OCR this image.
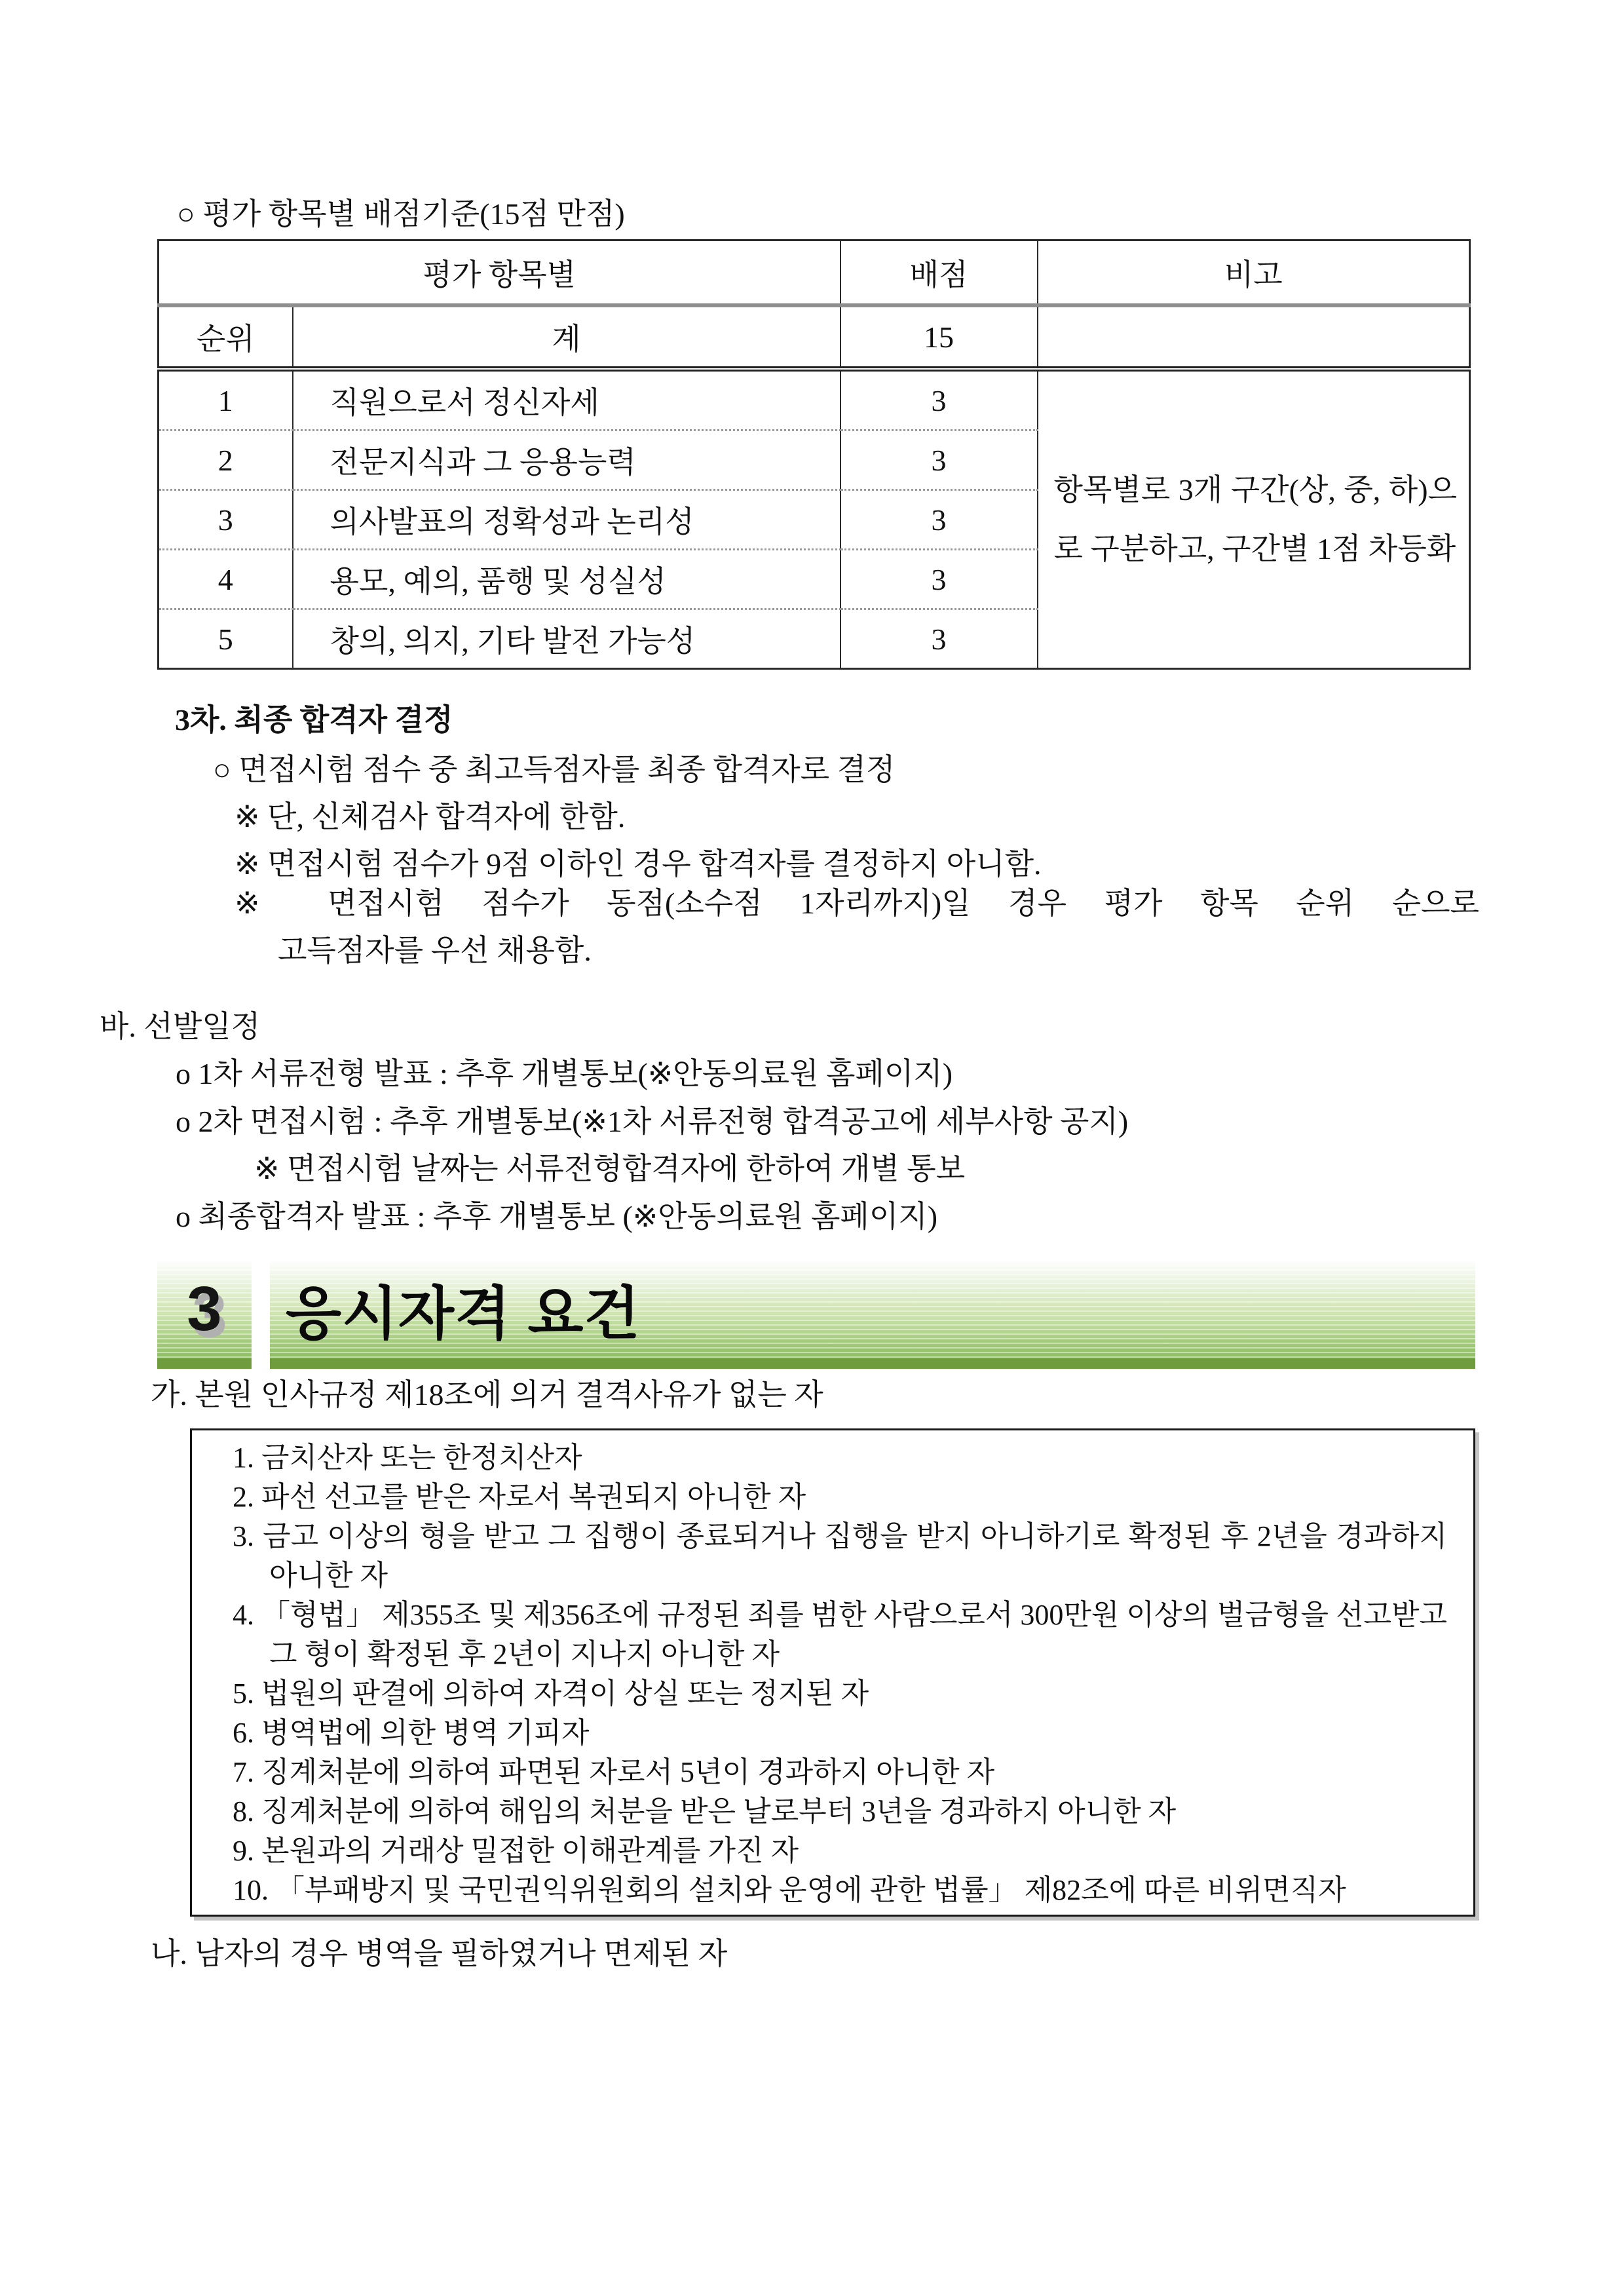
○ 평가 항목별 배점기준(15점 만점)
평가 항목별		배점	비고
순위	계	15	
1	직원으로서 정신자세	3	항목별로 3개 구간(상, 중, 하)으로 구분하고, 구간별 1점 차등화
2	전문지식과 그 응용능력	3	
3	의사발표의 정확성과 논리성	3	
4	용모, 예의, 품행 및 성실성	3	
5	창의, 의지, 기타 발전 가능성	3	
3차. 최종 합격자 결정
○ 면접시험 점수 중 최고득점자를 최종 합격자로 결정
※ 단, 신체검사 합격자에 한함.
※ 면접시험 점수가 9점 이하인 경우 합격자를 결정하지 아니함.
※ 면접시험 점수가 동점(소수점 1자리까지)일 경우 평가 항목 순위 순으로
고득점자를 우선 채용함.
바. 선발일정
o 1차 서류전형 발표 : 추후 개별통보(※안동의료원 홈페이지)
o 2차 면접시험 : 추후 개별통보(※1차 서류전형 합격공고에 세부사항 공지)
※ 면접시험 날짜는 서류전형합격자에 한하여 개별 통보
o 최종합격자 발표 : 추후 개별통보 (※안동의료원 홈페이지)
3	응시자격 요건
가. 본원 인사규정 제18조에 의거 결격사유가 없는 자
1. 금치산자 또는 한정치산자
2. 파선 선고를 받은 자로서 복권되지 아니한 자
3. 금고 이상의 형을 받고 그 집행이 종료되거나 집행을 받지 아니하기로 확정된 후 2년을 경과하지 아니한 자
4. 「형법」 제355조 및 제356조에 규정된 죄를 범한 사람으로서 300만원 이상의 벌금형을 선고받고 그 형이 확정된 후 2년이 지나지 아니한 자
5. 법원의 판결에 의하여 자격이 상실 또는 정지된 자
6. 병역법에 의한 병역 기피자
7. 징계처분에 의하여 파면된 자로서 5년이 경과하지 아니한 자
8. 징계처분에 의하여 해임의 처분을 받은 날로부터 3년을 경과하지 아니한 자
9. 본원과의 거래상 밀접한 이해관계를 가진 자
10. 「부패방지 및 국민권익위원회의 설치와 운영에 관한 법률」 제82조에 따른 비위면직자
나. 남자의 경우 병역을 필하였거나 면제된 자
